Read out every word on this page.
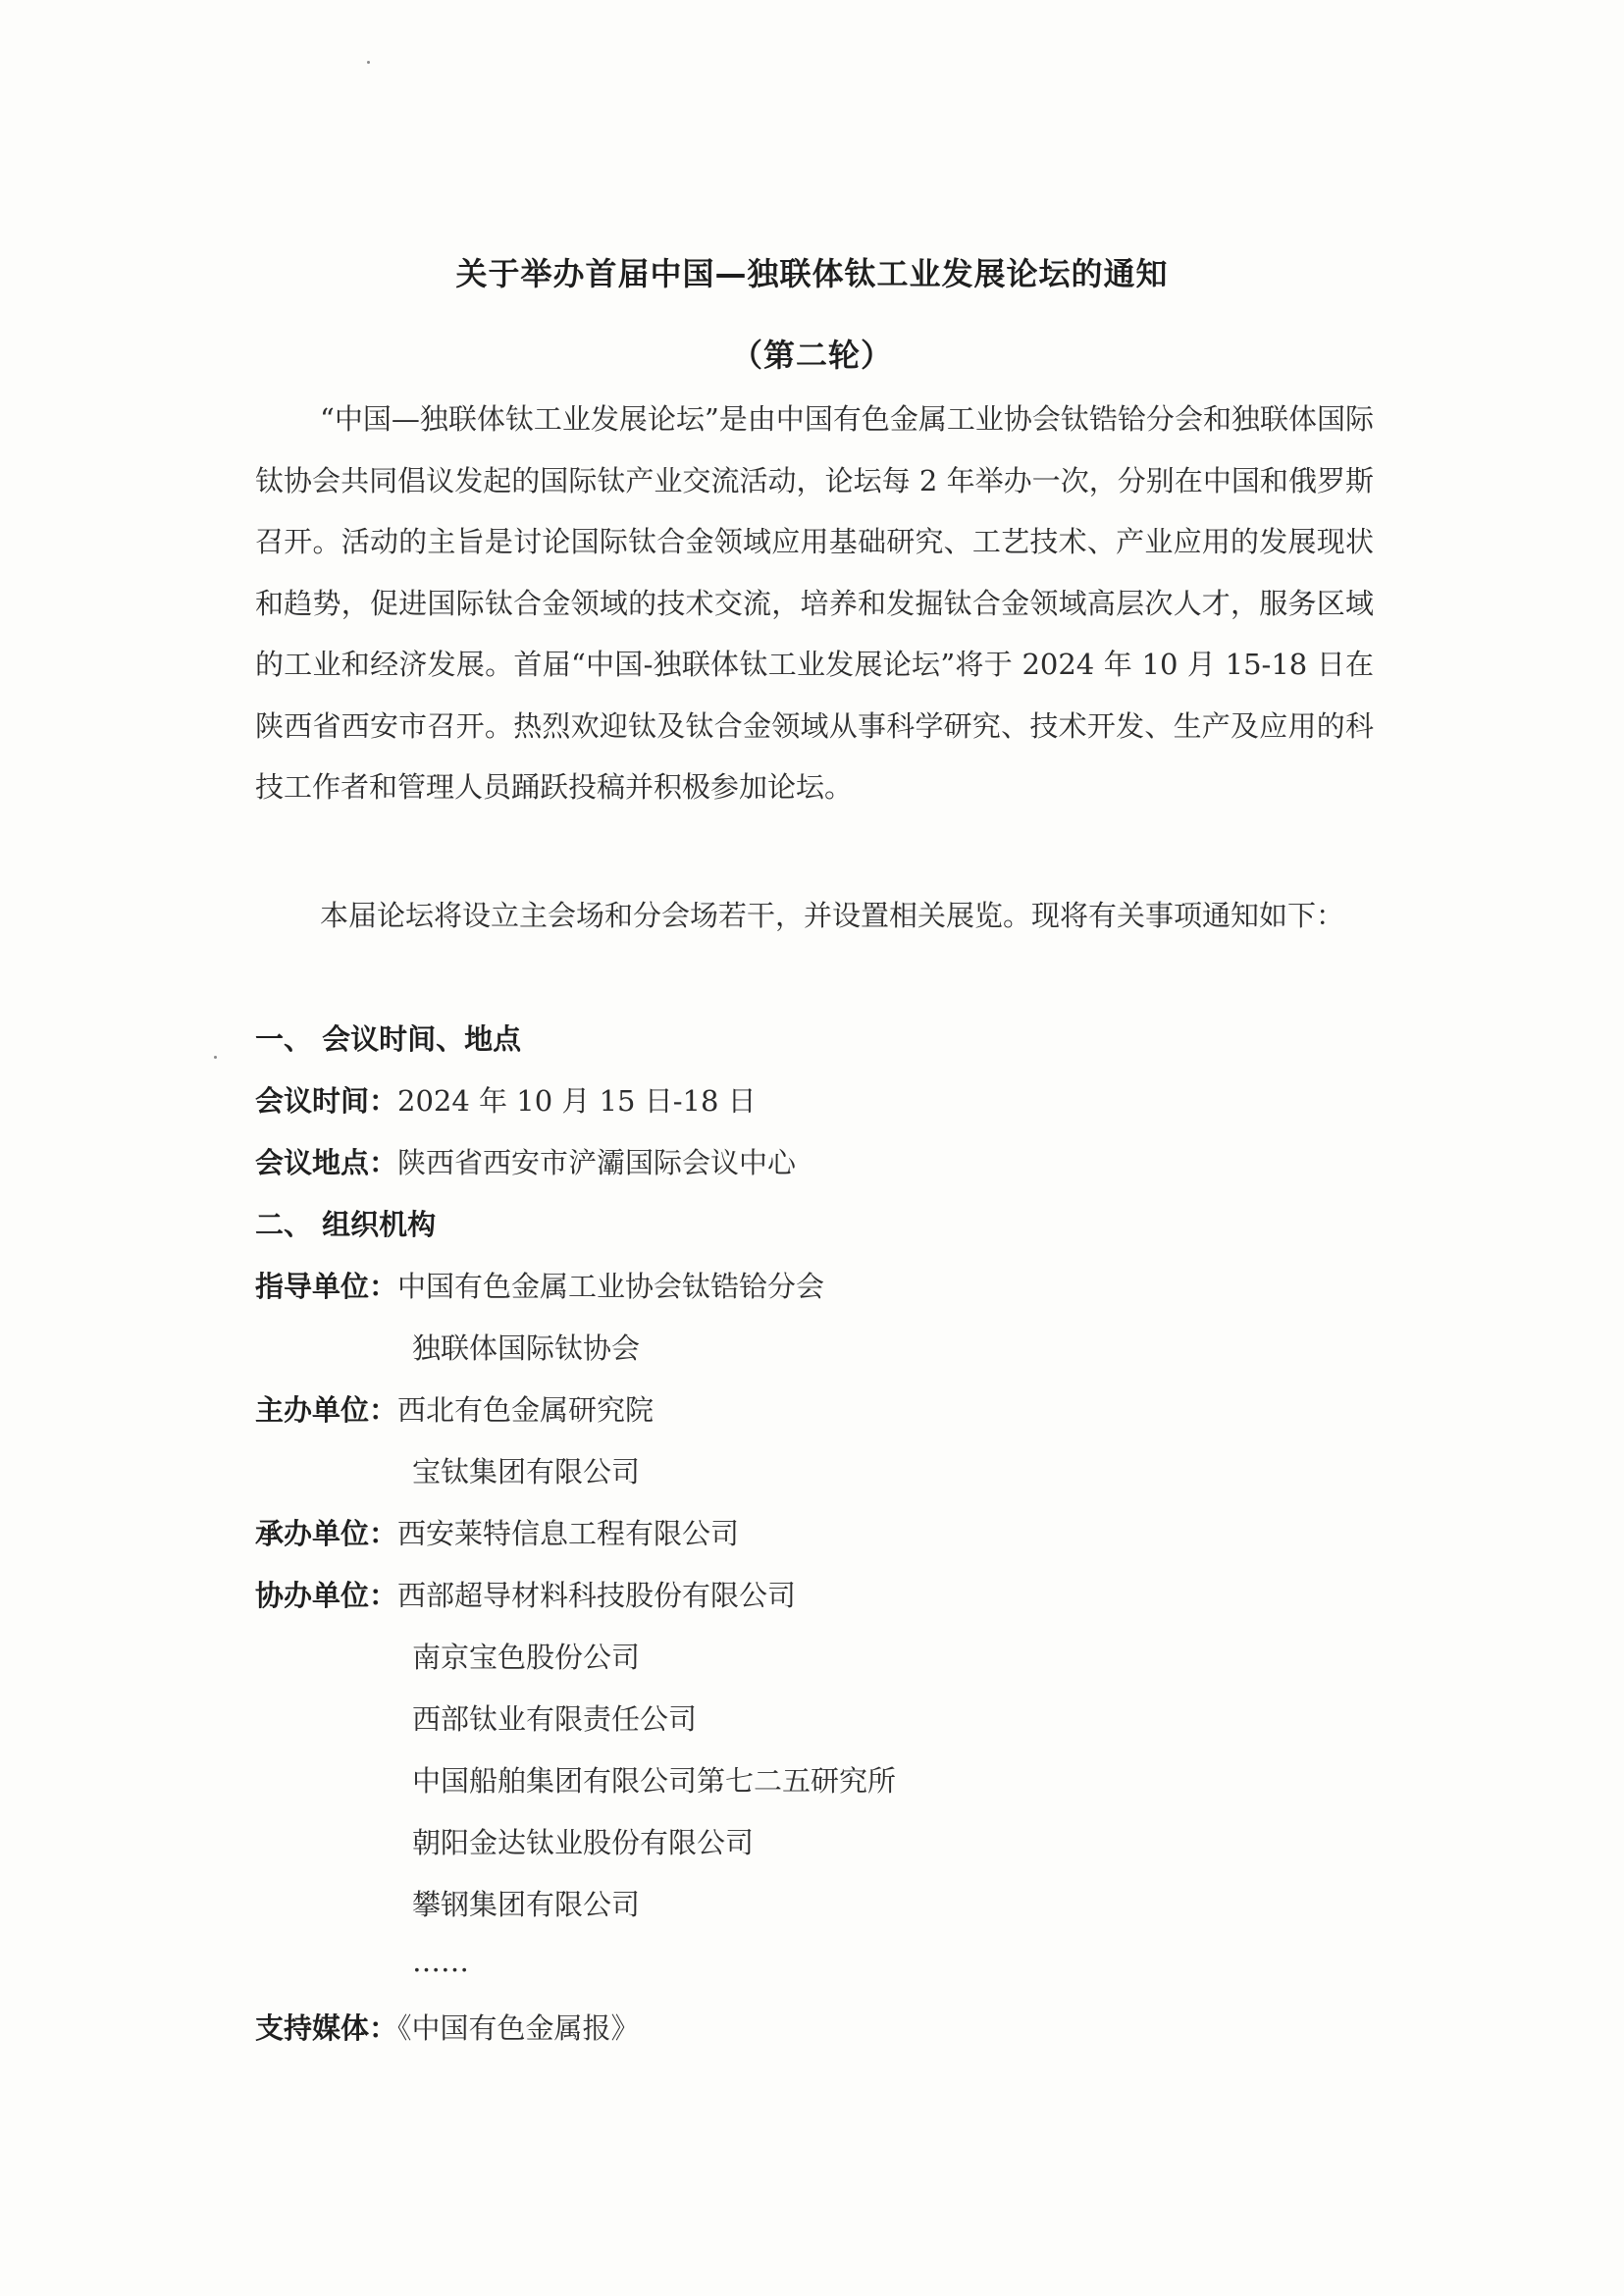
关于举办首届中国—独联体钛工业发展论坛的通知
（第二轮）
“中国—独联体钛工业发展论坛”是由中国有色金属工业协会钛锆铪分会和独联体国际钛协会共同倡议发起的国际钛产业交流活动，论坛每 2 年举办一次，分别在中国和俄罗斯召开。活动的主旨是讨论国际钛合金领域应用基础研究、工艺技术、产业应用的发展现状和趋势，促进国际钛合金领域的技术交流，培养和发掘钛合金领域高层次人才，服务区域的工业和经济发展。首届“中国-独联体钛工业发展论坛”将于 2024 年 10 月 15-18 日在陕西省西安市召开。热烈欢迎钛及钛合金领域从事科学研究、技术开发、生产及应用的科技工作者和管理人员踊跃投稿并积极参加论坛。
本届论坛将设立主会场和分会场若干，并设置相关展览。现将有关事项通知如下：
一、 会议时间、地点
会议时间：2024 年 10 月 15 日-18 日
会议地点：陕西省西安市浐灞国际会议中心
二、 组织机构
指导单位：中国有色金属工业协会钛锆铪分会
独联体国际钛协会
主办单位：西北有色金属研究院
宝钛集团有限公司
承办单位：西安莱特信息工程有限公司
协办单位：西部超导材料科技股份有限公司
南京宝色股份公司
西部钛业有限责任公司
中国船舶集团有限公司第七二五研究所
朝阳金达钛业股份有限公司
攀钢集团有限公司
……
支持媒体：《中国有色金属报》
